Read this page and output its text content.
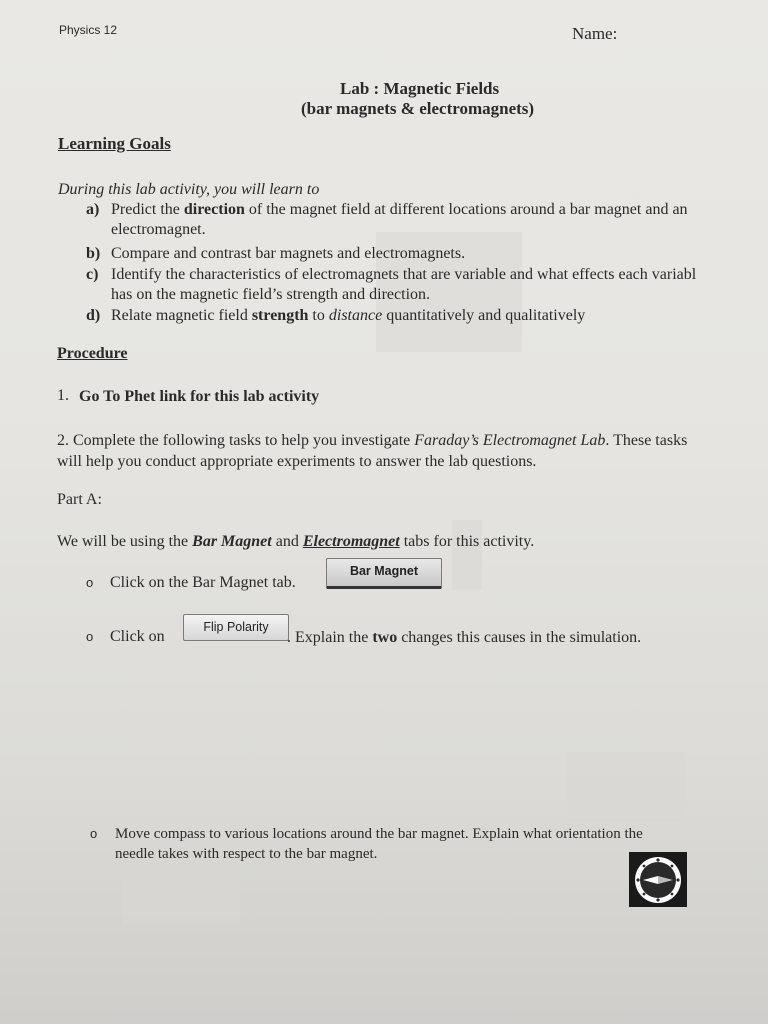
Physics 12	Name:
Lab : Magnetic Fields
(bar magnets & electromagnets)
Learning Goals
During this lab activity, you will learn to
a) Predict the direction of the magnet field at different locations around a bar magnet and an
electromagnet.
b) Compare and contrast bar magnets and electromagnets.
c) Identify the characteristics of electromagnets that are variable and what effects each variabl
has on the magnetic field’s strength and direction.
d) Relate magnetic field strength to distance quantitatively and qualitatively
Procedure
1. Go To Phet link for this lab activity
2. Complete the following tasks to help you investigate Faraday’s Electromagnet Lab. These tasks
will help you conduct appropriate experiments to answer the lab questions.
Part A:
We will be using the Bar Magnet and Electromagnet tabs for this activity.
o Click on the Bar Magnet tab.
Bar Magnet
o Click on
Flip Polarity
. Explain the two changes this causes in the simulation.
o Move compass to various locations around the bar magnet. Explain what orientation the
needle takes with respect to the bar magnet.
